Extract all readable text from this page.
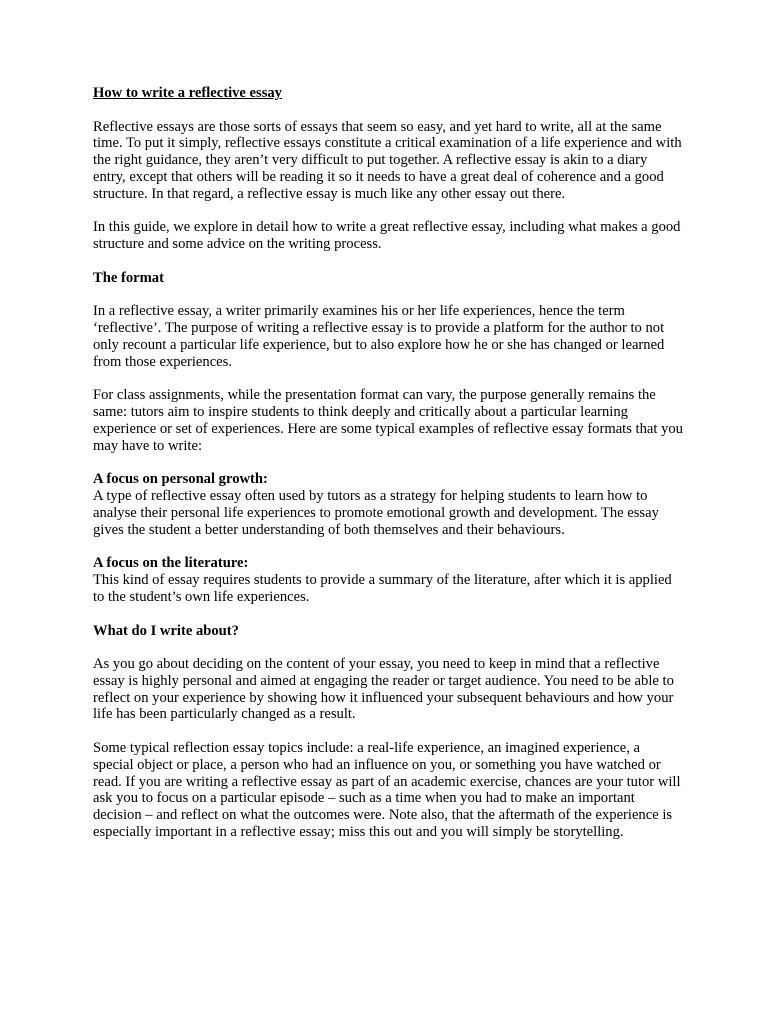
How to write a reflective essay

Reflective essays are those sorts of essays that seem so easy, and yet hard to write, all at the same time. To put it simply, reflective essays constitute a critical examination of a life experience and with the right guidance, they aren’t very difficult to put together. A reflective essay is akin to a diary entry, except that others will be reading it so it needs to have a great deal of coherence and a good structure. In that regard, a reflective essay is much like any other essay out there.

In this guide, we explore in detail how to write a great reflective essay, including what makes a good structure and some advice on the writing process.

The format

In a reflective essay, a writer primarily examines his or her life experiences, hence the term ‘reflective’. The purpose of writing a reflective essay is to provide a platform for the author to not only recount a particular life experience, but to also explore how he or she has changed or learned from those experiences.

For class assignments, while the presentation format can vary, the purpose generally remains the same: tutors aim to inspire students to think deeply and critically about a particular learning experience or set of experiences. Here are some typical examples of reflective essay formats that you may have to write:

A focus on personal growth:

A type of reflective essay often used by tutors as a strategy for helping students to learn how to analyse their personal life experiences to promote emotional growth and development. The essay gives the student a better understanding of both themselves and their behaviours.

A focus on the literature:

This kind of essay requires students to provide a summary of the literature, after which it is applied to the student’s own life experiences.

What do I write about?

As you go about deciding on the content of your essay, you need to keep in mind that a reflective essay is highly personal and aimed at engaging the reader or target audience. You need to be able to reflect on your experience by showing how it influenced your subsequent behaviours and how your life has been particularly changed as a result.

Some typical reflection essay topics include: a real-life experience, an imagined experience, a special object or place, a person who had an influence on you, or something you have watched or read. If you are writing a reflective essay as part of an academic exercise, chances are your tutor will ask you to focus on a particular episode – such as a time when you had to make an important decision – and reflect on what the outcomes were. Note also, that the aftermath of the experience is especially important in a reflective essay; miss this out and you will simply be storytelling.
